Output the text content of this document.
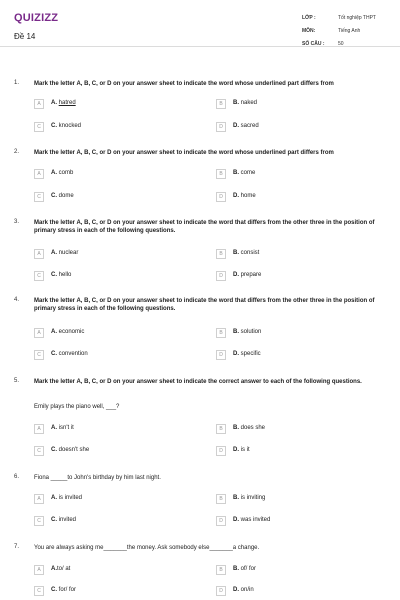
QUIZIZZ
Đề 14
LỚP :	Tốt nghiệp THPT
MÔN:	Tiếng Anh
SỐ CÂU :	50
1. Mark the letter A, B, C, or D on your answer sheet to indicate the word whose underlined part differs from
A	A. hatred	B	B. naked
C	C. knocked	D	D. sacred
2. Mark the letter A, B, C, or D on your answer sheet to indicate the word whose underlined part differs from
A	A. comb	B	B. come
C	C. dome	D	D. home
3. Mark the letter A, B, C, or D on your answer sheet to indicate the word that differs from the other three in the position of primary stress in each of the following questions.
A	A. nuclear	B	B. consist
C	C. hello	D	D. prepare
4. Mark the letter A, B, C, or D on your answer sheet to indicate the word that differs from the other three in the position of primary stress in each of the following questions.
A	A. economic	B	B. solution
C	C. convention	D	D. specific
5. Mark the letter A, B, C, or D on your answer sheet to indicate the correct answer to each of the following questions.
Emily plays the piano well, ___?
A	A. isn't it	B	B. does she
C	C. doesn't she	D	D. is it
6. Fiona _____to John's birthday by him last night.
A	A. is invited	B	B. is inviting
C	C. invited	D	D. was invited
7. You are always asking me_______the money. Ask somebody else_______a change.
A	A.to/ at	B	B. of/ for
C	C. for/ for	D	D. on/in
